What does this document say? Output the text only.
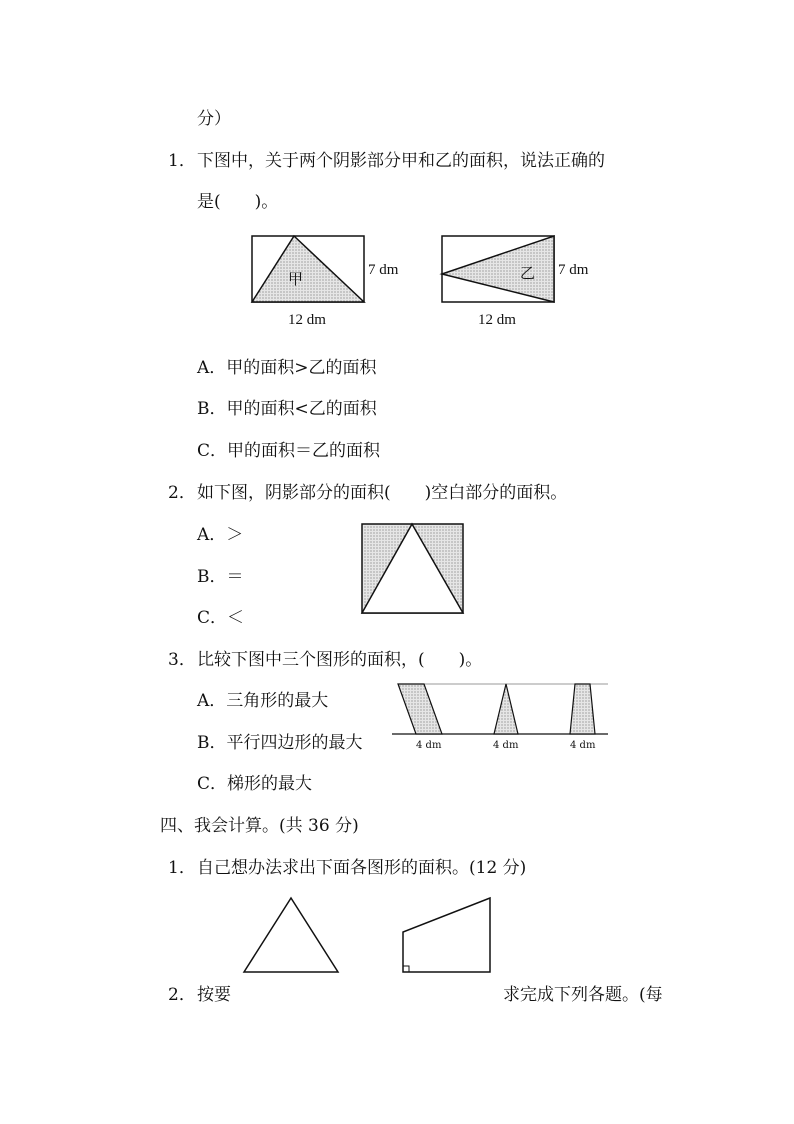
分）
1． 下图中，关于两个阴影部分甲和乙的面积，说法正确的
是(　　)。
甲
7 dm
12 dm
乙 7 dm
12 dm
A．甲的面积>乙的面积
B．甲的面积<乙的面积
C．甲的面积＝乙的面积
2． 如下图，阴影部分的面积(　　)空白部分的面积。
A．＞
B．＝
C．＜
3． 比较下图中三个图形的面积，(　　)。
A．三角形的最大
B．平行四边形的最大
C．梯形的最大
4 dm	4 dm	4 dm
四、我会计算。(共 36 分)
1． 自己想办法求出下面各图形的面积。(12 分)
2． 按要	求完成下列各题。(每
